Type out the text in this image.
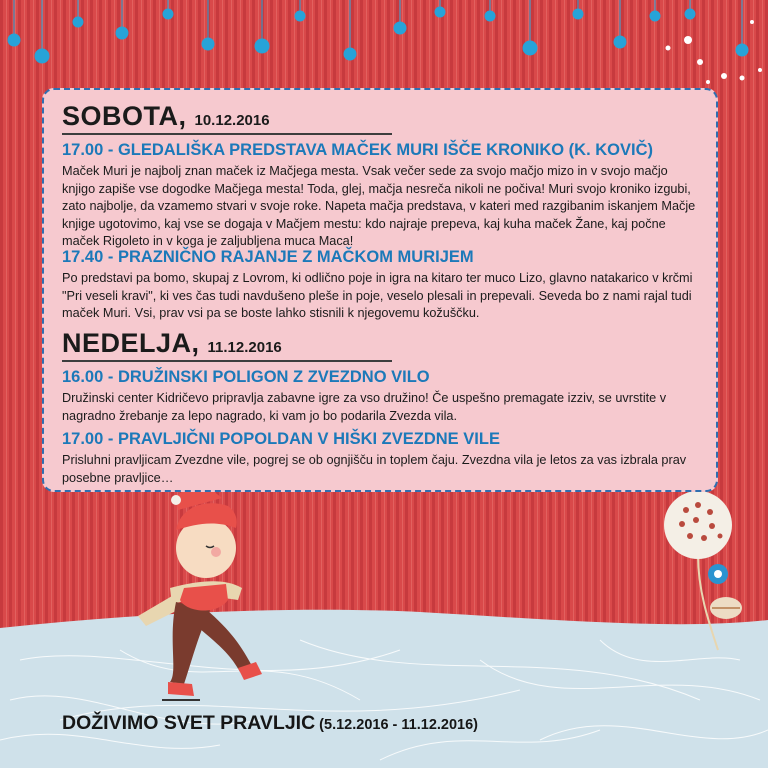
SOBOTA, 10.12.2016
17.00 - GLEDALIŠKA PREDSTAVA MAČEK MURI IŠČE KRONIKO (K. KOVIČ)
Maček Muri je najbolj znan maček iz Mačjega mesta. Vsak večer sede za svojo mačjo mizo in v svojo mačjo knjigo zapiše vse dogodke Mačjega mesta! Toda, glej, mačja nesreča nikoli ne počiva! Muri svojo kroniko izgubi, zato najbolje, da vzamemo stvari v svoje roke. Napeta mačja predstava, v kateri med razgibanim iskanjem Mačje knjige ugotovimo, kaj vse se dogaja v Mačjem mestu: kdo najraje prepeva, kaj kuha maček Žane, kaj počne maček Rigoleto in v koga je zaljubljena muca Maca!
17.40 - PRAZNIČNO RAJANJE Z MAČKOM MURIJEM
Po predstavi pa bomo, skupaj z Lovrom, ki odlično poje in igra na kitaro ter muco Lizo, glavno natakarico v krčmi "Pri veseli kravi", ki ves čas tudi navdušeno pleše in poje, veselo plesali in prepevali. Seveda bo z nami rajal tudi maček Muri. Vsi, prav vsi pa se boste lahko stisnili k njegovemu kožuščku.
NEDELJA, 11.12.2016
16.00 - DRUŽINSKI POLIGON Z ZVEZDNO VILO
Družinski center Kidričevo pripravlja zabavne igre za vso družino! Če uspešno premagate izziv, se uvrstite v nagradno žrebanje za lepo nagrado, ki vam jo bo podarila Zvezda vila.
17.00 - PRAVLJIČNI POPOLDAN V HIŠKI ZVEZDNE VILE
Prisluhni pravljicam Zvezdne vile, pogrej se ob ognjišču in toplem čaju. Zvezdna vila je letos za vas izbrala prav posebne pravljice…
DOŽIVIMO SVET PRAVLJIC (5.12.2016 - 11.12.2016)
